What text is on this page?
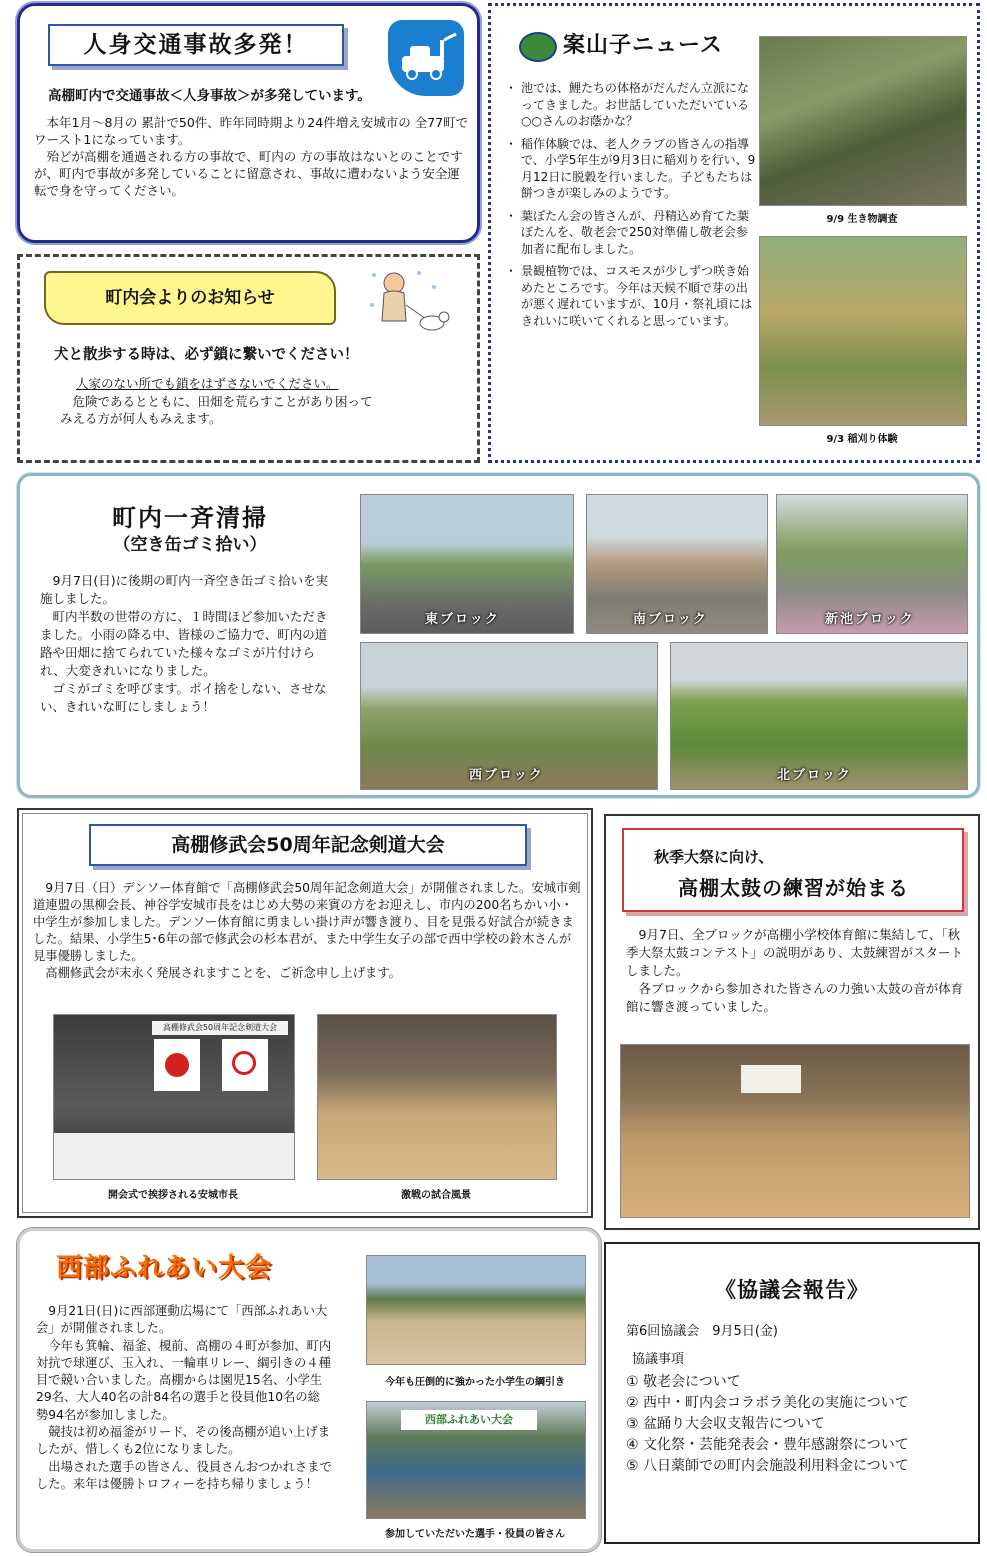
人身交通事故多発！
高棚町内で交通事故＜人身事故＞が多発しています。
　本年1月～8月の 累計で50件、昨年同時期より24件増え安城市の 全77町でワースト1になっています。
　殆どが高棚を通過される方の事故で、町内の 方の事故はないとのことですが、町内で事故が多発していることに留意され、事故に遭わないよう安全運転で身を守ってください。
町内会よりのお知らせ
犬と散歩する時は、必ず鎖に繋いでください！
人家のない所でも鎖をはずさないでください。
　危険であるとともに、田畑を荒らすことがあり困って
みえる方が何人もみえます。
案山子ニュース
・ 池では、鯉たちの体格がだんだん立派になってきました。お世話していただいている○○さんのお蔭かな？
・ 稲作体験では、老人クラブの皆さんの指導で、小学5年生が9月3日に稲刈りを行い、9月12日に脱穀を行いました。子どもたちは餅つきが楽しみのようです。
・ 葉ぼたん会の皆さんが、丹精込め育てた葉ぼたんを、敬老会で250対準備し敬老会参加者に配布しました。
・ 景観植物では、コスモスが少しずつ咲き始めたところです。今年は天候不順で芽の出が悪く遅れていますが、10月・祭礼頃にはきれいに咲いてくれると思っています。
9/9 生き物調査
9/3 稲刈り体験
町内一斉清掃
（空き缶ゴミ拾い）
　9月7日(日)に後期の町内一斉空き缶ゴミ拾いを実施しました。
　町内半数の世帯の方に、１時間ほど参加いただきました。小雨の降る中、皆様のご協力で、町内の道路や田畑に捨てられていた様々なゴミが片付けられ、大変きれいになりました。
　ゴミがゴミを呼びます。ポイ捨をしない、させない、きれいな町にしましょう！
東ブロック	南ブロック	新池ブロック
西ブロック	北ブロック
高棚修武会50周年記念剣道大会
　9月7日（日）デンソー体育館で「高棚修武会50周年記念剣道大会」が開催されました。安城市剣道連盟の黒柳会長、神谷学安城市長をはじめ大勢の来賓の方をお迎えし、市内の200名ちかい小・中学生が参加しました。デンソー体育館に勇ましい掛け声が響き渡り、目を見張る好試合が続きました。結果、小学生5･6年の部で修武会の杉本君が、また中学生女子の部で西中学校の鈴木さんが見事優勝しました。
　高棚修武会が末永く発展されますことを、ご祈念申し上げます。
高棚修武会50周年記念剣道大会
開会式で挨拶される安城市長	激戦の試合風景
秋季大祭に向け、
高棚太鼓の練習が始まる
　9月7日、全ブロックが高棚小学校体育館に集結して、「秋季大祭太鼓コンテスト」の説明があり、太鼓練習がスタートしました。
　各ブロックから参加された皆さんの力強い太鼓の音が体育館に響き渡っていました。
西部ふれあい大会
　9月21日(日)に西部運動広場にて「西部ふれあい大会」が開催されました。
　今年も箕輪、福釜、榎前、高棚の４町が参加、町内対抗で球運び、玉入れ、一輪車リレー、綱引きの４種目で競い合いました。高棚からは園児15名、小学生29名、大人40名の計84名の選手と役員他10名の総勢94名が参加しました。
　競技は初め福釜がリード、その後高棚が追い上げましたが、惜しくも2位になりました。
　出場された選手の皆さん、役員さんおつかれさまでした。来年は優勝トロフィーを持ち帰りましょう！
今年も圧倒的に強かった小学生の綱引き
西部ふれあい大会
参加していただいた選手・役員の皆さん
《協議会報告》
第6回協議会　9月5日(金)
協議事項
① 敬老会について
② 西中・町内会コラボラ美化の実施について
③ 盆踊り大会収支報告について
④ 文化祭・芸能発表会・豊年感謝祭について
⑤ 八日薬師での町内会施設利用料金について
